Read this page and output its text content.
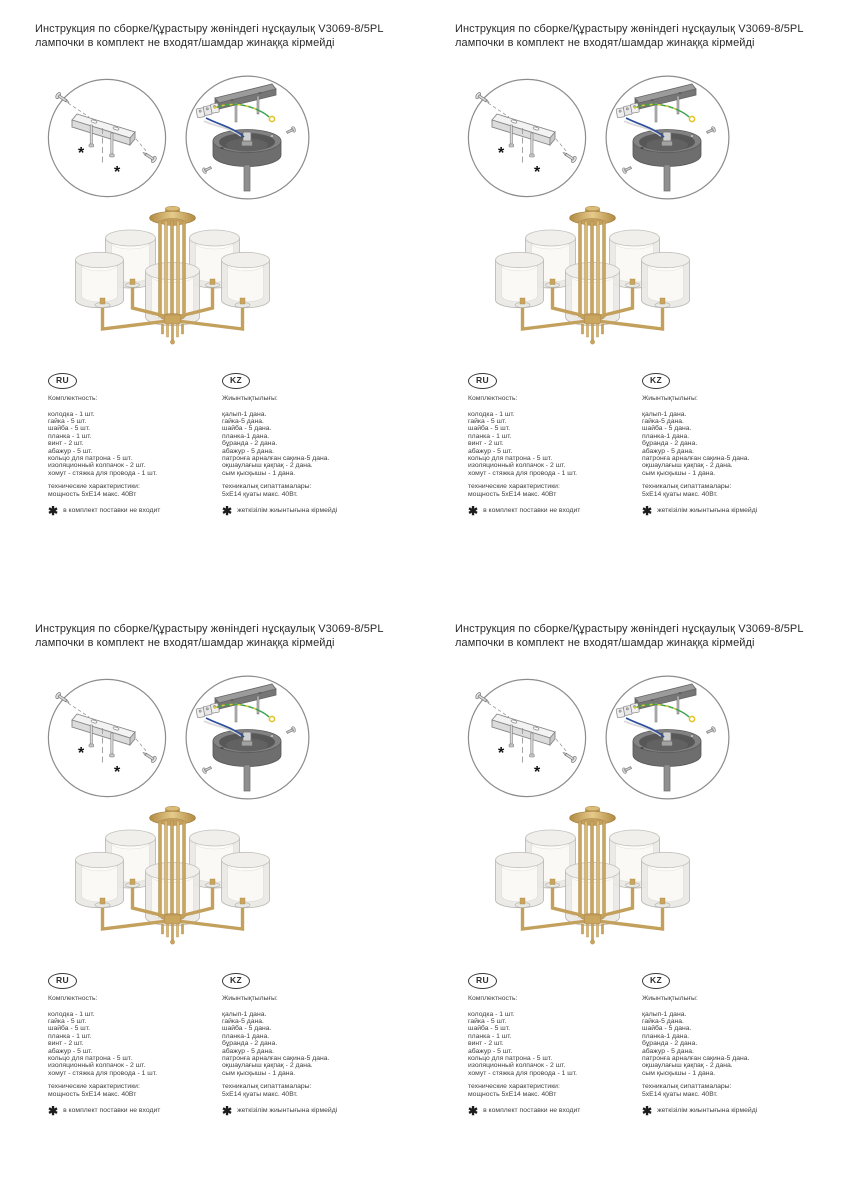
Инструкция по сборке/Құрастыру жөніндегі нұсқаулық V3069-8/5PL
лампочки в комплект не входят/шамдар жинаққа кірмейді
*
*
RU
Комплектность:
колодка - 1 шт.
гайка - 5 шт.
шайба - 5 шт.
планка - 1 шт.
винт - 2 шт.
абажур - 5 шт.
кольцо для патрона - 5 шт.
изоляционный колпачок - 2 шт.
хомут - стяжка для провода - 1 шт.
технические характеристики:
мощность 5хЕ14 макс. 40Вт
✱ в комплект поставки не входит
KZ
Жиынтықтылығы:
қалып-1 дана.
гайка-5 дана.
шайба - 5 дана.
планка-1 дана.
бұранда - 2 дана.
абажур - 5 дана.
патронға арналған сақина-5 дана.
оқшаулағыш қақпақ - 2 дана.
сым қысқышы - 1 дана.
техникалық сипаттамалары:
5хЕ14 қуаты макс. 40Вт.
✱ жеткізілім жиынтығына кірмейді
Инструкция по сборке/Құрастыру жөніндегі нұсқаулық V3069-8/5PL
лампочки в комплект не входят/шамдар жинаққа кірмейді
*
*
RU
Комплектность:
колодка - 1 шт.
гайка - 5 шт.
шайба - 5 шт.
планка - 1 шт.
винт - 2 шт.
абажур - 5 шт.
кольцо для патрона - 5 шт.
изоляционный колпачок - 2 шт.
хомут - стяжка для провода - 1 шт.
технические характеристики:
мощность 5хЕ14 макс. 40Вт
✱ в комплект поставки не входит
KZ
Жиынтықтылығы:
қалып-1 дана.
гайка-5 дана.
шайба - 5 дана.
планка-1 дана.
бұранда - 2 дана.
абажур - 5 дана.
патронға арналған сақина-5 дана.
оқшаулағыш қақпақ - 2 дана.
сым қысқышы - 1 дана.
техникалық сипаттамалары:
5хЕ14 қуаты макс. 40Вт.
✱ жеткізілім жиынтығына кірмейді
Инструкция по сборке/Құрастыру жөніндегі нұсқаулық V3069-8/5PL
лампочки в комплект не входят/шамдар жинаққа кірмейді
*
*
RU
Комплектность:
колодка - 1 шт.
гайка - 5 шт.
шайба - 5 шт.
планка - 1 шт.
винт - 2 шт.
абажур - 5 шт.
кольцо для патрона - 5 шт.
изоляционный колпачок - 2 шт.
хомут - стяжка для провода - 1 шт.
технические характеристики:
мощность 5хЕ14 макс. 40Вт
✱ в комплект поставки не входит
KZ
Жиынтықтылығы:
қалып-1 дана.
гайка-5 дана.
шайба - 5 дана.
планка-1 дана.
бұранда - 2 дана.
абажур - 5 дана.
патронға арналған сақина-5 дана.
оқшаулағыш қақпақ - 2 дана.
сым қысқышы - 1 дана.
техникалық сипаттамалары:
5хЕ14 қуаты макс. 40Вт.
✱ жеткізілім жиынтығына кірмейді
Инструкция по сборке/Құрастыру жөніндегі нұсқаулық V3069-8/5PL
лампочки в комплект не входят/шамдар жинаққа кірмейді
*
*
RU
Комплектность:
колодка - 1 шт.
гайка - 5 шт.
шайба - 5 шт.
планка - 1 шт.
винт - 2 шт.
абажур - 5 шт.
кольцо для патрона - 5 шт.
изоляционный колпачок - 2 шт.
хомут - стяжка для провода - 1 шт.
технические характеристики:
мощность 5хЕ14 макс. 40Вт
✱ в комплект поставки не входит
KZ
Жиынтықтылығы:
қалып-1 дана.
гайка-5 дана.
шайба - 5 дана.
планка-1 дана.
бұранда - 2 дана.
абажур - 5 дана.
патронға арналған сақина-5 дана.
оқшаулағыш қақпақ - 2 дана.
сым қысқышы - 1 дана.
техникалық сипаттамалары:
5хЕ14 қуаты макс. 40Вт.
✱ жеткізілім жиынтығына кірмейді
